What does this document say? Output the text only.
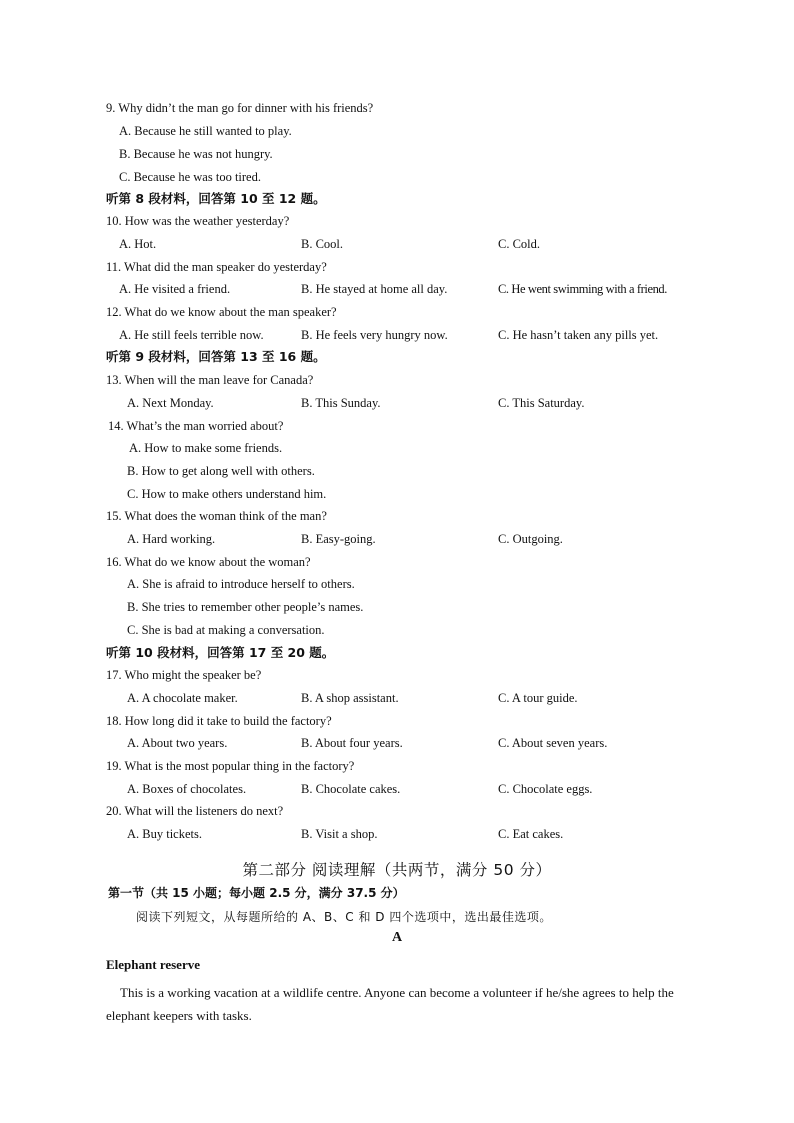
9. Why didn’t the man go for dinner with his friends?
A. Because he still wanted to play.
B. Because he was not hungry.
C. Because he was too tired.
听第 8 段材料，回答第 10 至 12 题。
10. How was the weather yesterday?
A. Hot.	B. Cool.	C. Cold.
11. What did the man speaker do yesterday?
A. He visited a friend.	B. He stayed at home all day.	C. He went swimming with a friend.
12. What do we know about the man speaker?
A. He still feels terrible now.	B. He feels very hungry now.	C. He hasn’t taken any pills yet.
听第 9 段材料，回答第 13 至 16 题。
13. When will the man leave for Canada?
A. Next Monday.	B. This Sunday.	C. This Saturday.
14. What’s the man worried about?
A. How to make some friends.
B. How to get along well with others.
C. How to make others understand him.
15. What does the woman think of the man?
A. Hard working.	B. Easy-going.	C. Outgoing.
16. What do we know about the woman?
A. She is afraid to introduce herself to others.
B. She tries to remember other people’s names.
C. She is bad at making a conversation.
听第 10 段材料，回答第 17 至 20 题。
17. Who might the speaker be?
A. A chocolate maker.	B. A shop assistant.	C. A tour guide.
18. How long did it take to build the factory?
A. About two years.	B. About four years.	C. About seven years.
19. What is the most popular thing in the factory?
A. Boxes of chocolates.	B. Chocolate cakes.	C. Chocolate eggs.
20. What will the listeners do next?
A. Buy tickets.	B. Visit a shop.	C. Eat cakes.
第二部分 阅读理解（共两节，满分 50 分）
第一节（共 15 小题；每小题 2.5 分，满分 37.5 分）
阅读下列短文，从每题所给的 A、B、C 和 D 四个选项中，选出最佳选项。
A
Elephant reserve
This is a working vacation at a wildlife centre. Anyone can become a volunteer if he/she agrees to help the elephant keepers with tasks.
